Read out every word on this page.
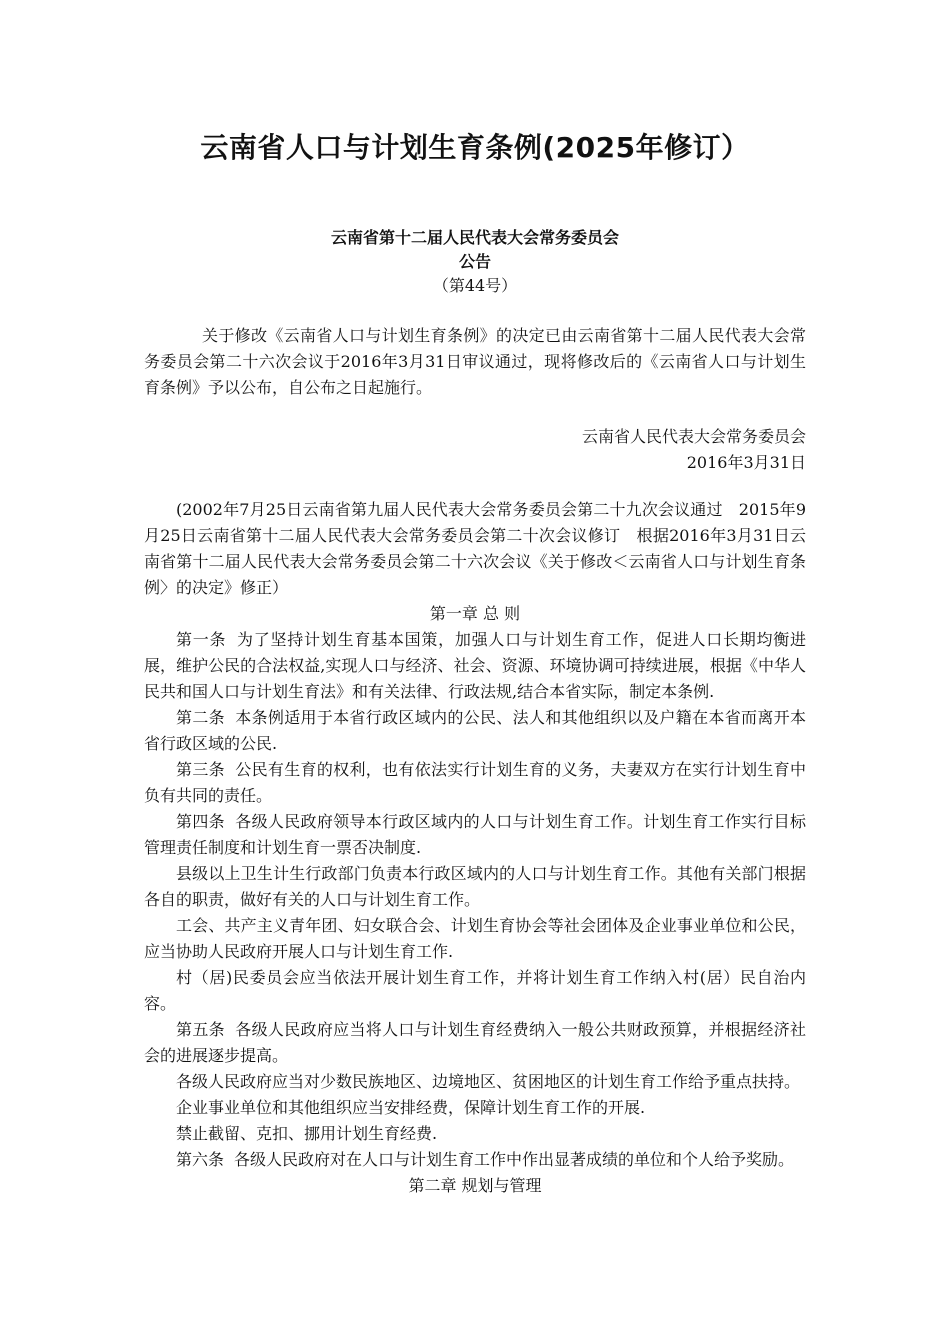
云南省人口与计划生育条例(2025年修订）
云南省第十二届人民代表大会常务委员会
公告
（第44号）

关于修改《云南省人口与计划生育条例》的决定已由云南省第十二届人民代表大会常务委员会第二十六次会议于2016年3月31日审议通过，现将修改后的《云南省人口与计划生育条例》予以公布，自公布之日起施行。

云南省人民代表大会常务委员会
2016年3月31日

(2002年7月25日云南省第九届人民代表大会常务委员会第二十九次会议通过　2015年9月25日云南省第十二届人民代表大会常务委员会第二十次会议修订　根据2016年3月31日云南省第十二届人民代表大会常务委员会第二十六次会议《关于修改＜云南省人口与计划生育条例〉的决定》修正）

第一章 总 则

第一条 为了坚持计划生育基本国策，加强人口与计划生育工作，促进人口长期均衡进展，维护公民的合法权益,实现人口与经济、社会、资源、环境协调可持续进展，根据《中华人民共和国人口与计划生育法》和有关法律、行政法规,结合本省实际，制定本条例.

第二条 本条例适用于本省行政区域内的公民、法人和其他组织以及户籍在本省而离开本省行政区域的公民.

第三条 公民有生育的权利，也有依法实行计划生育的义务，夫妻双方在实行计划生育中负有共同的责任。

第四条 各级人民政府领导本行政区域内的人口与计划生育工作。计划生育工作实行目标管理责任制度和计划生育一票否决制度.

县级以上卫生计生行政部门负责本行政区域内的人口与计划生育工作。其他有关部门根据各自的职责，做好有关的人口与计划生育工作。

工会、共产主义青年团、妇女联合会、计划生育协会等社会团体及企业事业单位和公民，应当协助人民政府开展人口与计划生育工作.

村（居)民委员会应当依法开展计划生育工作，并将计划生育工作纳入村(居）民自治内容。

第五条 各级人民政府应当将人口与计划生育经费纳入一般公共财政预算，并根据经济社会的进展逐步提高。

各级人民政府应当对少数民族地区、边境地区、贫困地区的计划生育工作给予重点扶持。

企业事业单位和其他组织应当安排经费，保障计划生育工作的开展.

禁止截留、克扣、挪用计划生育经费.

第六条 各级人民政府对在人口与计划生育工作中作出显著成绩的单位和个人给予奖励。

第二章 规划与管理
